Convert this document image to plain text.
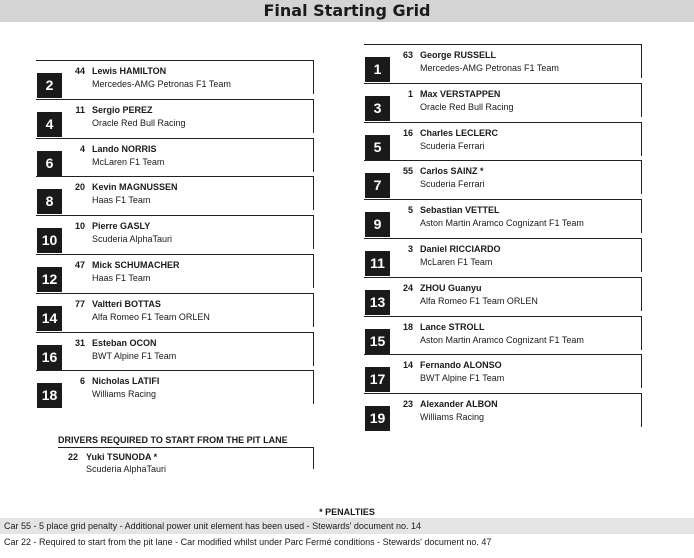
Final Starting Grid
2
44 Lewis HAMILTON
Mercedes-AMG Petronas F1 Team
4
11 Sergio PEREZ
Oracle Red Bull Racing
6
4 Lando NORRIS
McLaren F1 Team
8
20 Kevin MAGNUSSEN
Haas F1 Team
10
10 Pierre GASLY
Scuderia AlphaTauri
12
47 Mick SCHUMACHER
Haas F1 Team
14
77 Valtteri BOTTAS
Alfa Romeo F1 Team ORLEN
16
31 Esteban OCON
BWT Alpine F1 Team
18
6 Nicholas LATIFI
Williams Racing
1
63 George RUSSELL
Mercedes-AMG Petronas F1 Team
3
1 Max VERSTAPPEN
Oracle Red Bull Racing
5
16 Charles LECLERC
Scuderia Ferrari
7
55 Carlos SAINZ *
Scuderia Ferrari
9
5 Sebastian VETTEL
Aston Martin Aramco Cognizant F1 Team
11
3 Daniel RICCIARDO
McLaren F1 Team
13
24 ZHOU Guanyu
Alfa Romeo F1 Team ORLEN
15
18 Lance STROLL
Aston Martin Aramco Cognizant F1 Team
17
14 Fernando ALONSO
BWT Alpine F1 Team
19
23 Alexander ALBON
Williams Racing
DRIVERS REQUIRED TO START FROM THE PIT LANE
22 Yuki TSUNODA *
Scuderia AlphaTauri
* PENALTIES
Car 55 - 5 place grid penalty - Additional power unit element has been used - Stewards' document no. 14
Car 22 - Required to start from the pit lane - Car modified whilst under Parc Fermé conditions - Stewards' document no. 47
